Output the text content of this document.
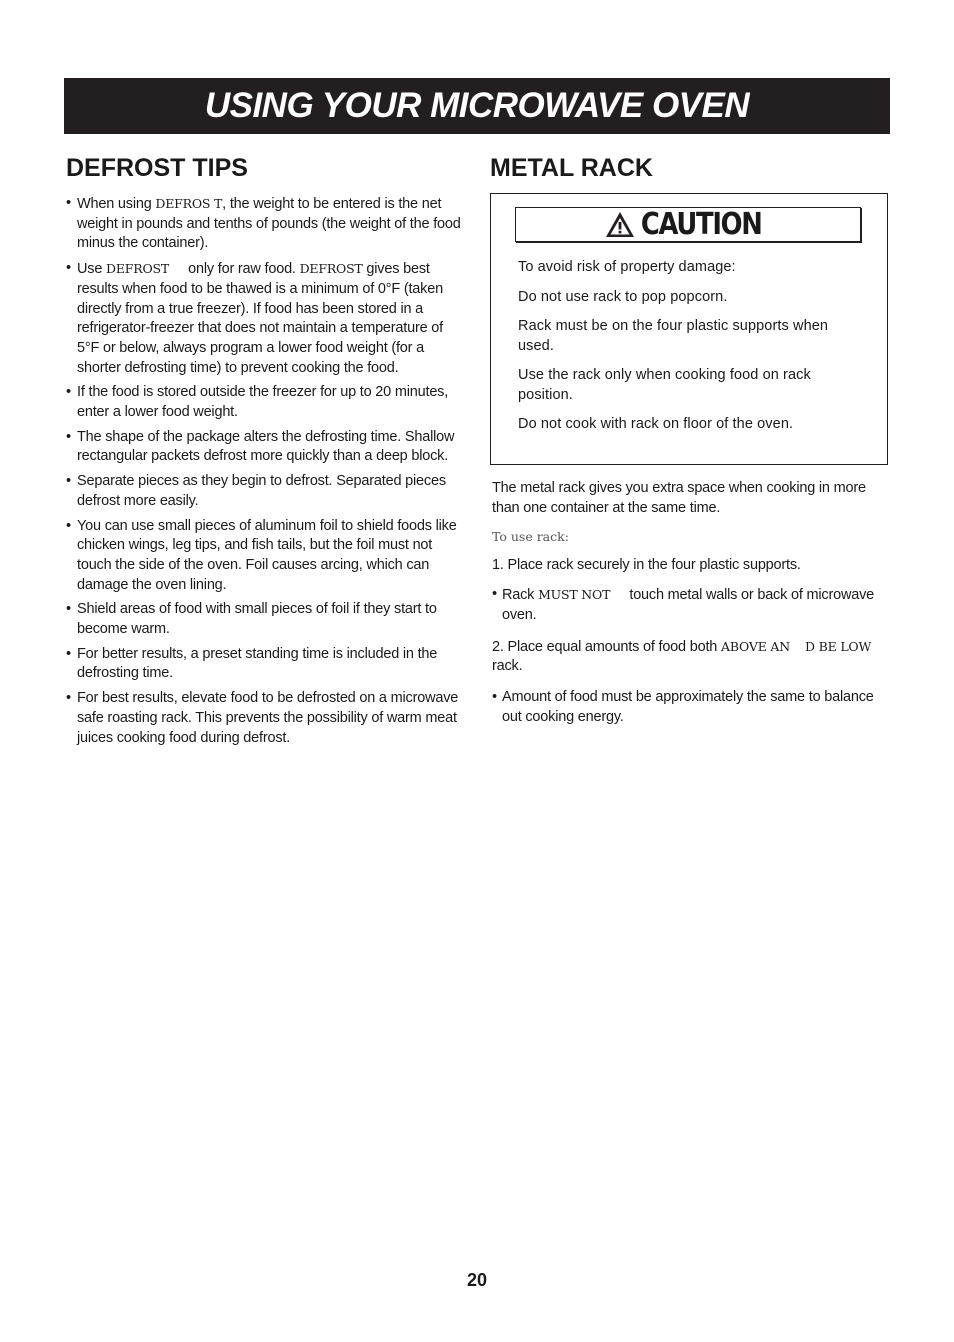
USING YOUR MICROWAVE OVEN
DEFROST TIPS
• When using DEFROS T, the weight to be entered is the net weight in pounds and tenths of pounds (the weight of the food minus the container).
• Use DEFROST     only for raw food. DEFROST gives best results when food to be thawed is a minimum of 0°F (taken directly from a true freezer). If food has been stored in a refrigerator-freezer that does not maintain a temperature of 5°F or below, always program a lower food weight (for a shorter defrosting time) to prevent cooking the food.
• If the food is stored outside the freezer for up to 20 minutes, enter a lower food weight.
• The shape of the package alters the defrosting time. Shallow rectangular packets defrost more quickly than a deep block.
• Separate pieces as they begin to defrost. Separated pieces defrost more easily.
• You can use small pieces of aluminum foil to shield foods like chicken wings, leg tips, and fish tails, but the foil must not touch the side of the oven. Foil causes arcing, which can damage the oven lining.
• Shield areas of food with small pieces of foil if they start to become warm.
• For better results, a preset standing time is included in the defrosting time.
• For best results, elevate food to be defrosted on a microwave safe roasting rack. This prevents the possibility of warm meat juices cooking food during defrost.
METAL RACK
CAUTION

To avoid risk of property damage:

Do not use rack to pop popcorn.

Rack must be on the four plastic supports when used.

Use the rack only when cooking food on rack position.

Do not cook with rack on floor of the oven.

The metal rack gives you extra space when cooking in more than one container at the same time.

To use rack:

1. Place rack securely in the four plastic supports.

• Rack MUST NOT     touch metal walls or back of microwave oven.

2. Place equal amounts of food both ABOVE AN    D BE LOW     rack.

• Amount of food must be approximately the same to balance out cooking energy.
20
